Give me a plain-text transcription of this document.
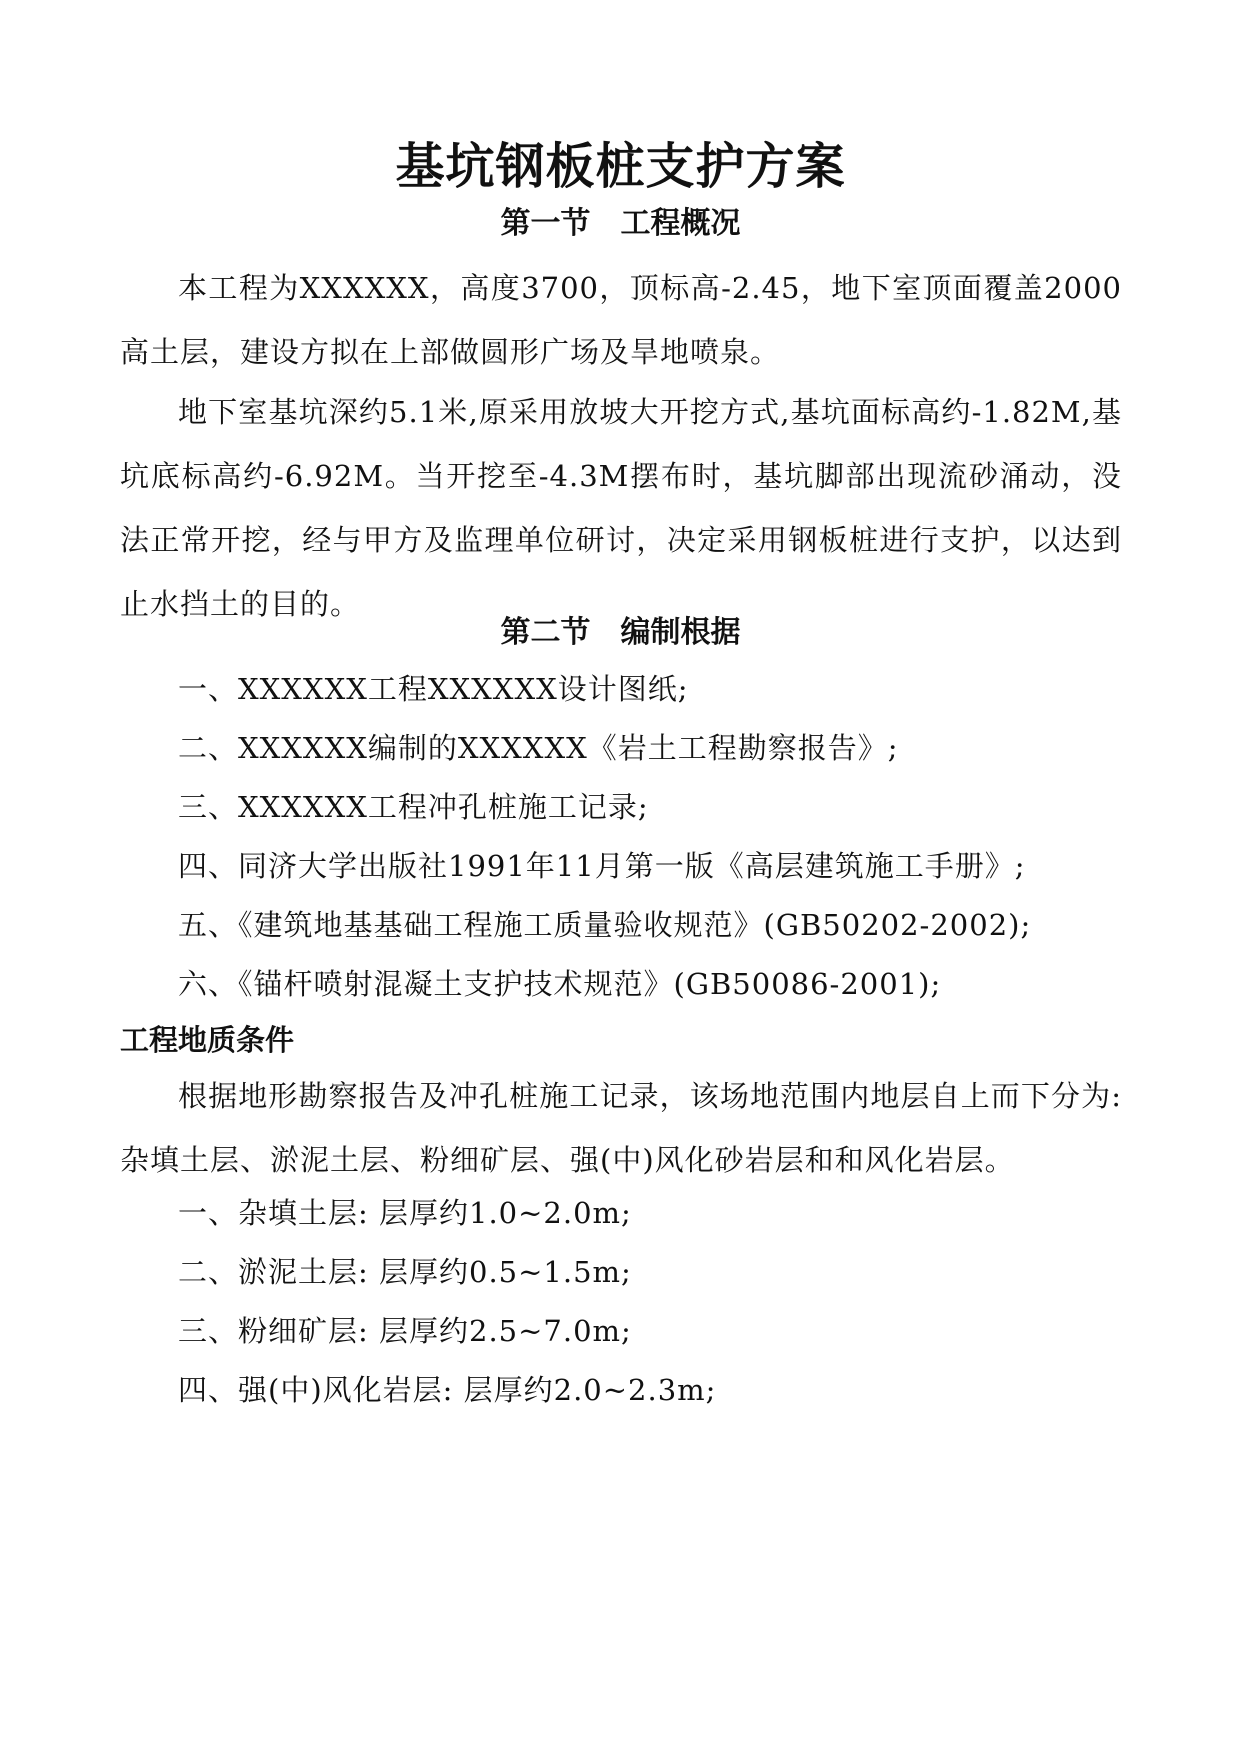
基坑钢板桩支护方案
第一节 工程概况
本工程为XXXXXX，高度3700，顶标高-2.45，地下室顶面覆盖2000高土层，建设方拟在上部做圆形广场及旱地喷泉。
地下室基坑深约5.1米,原采用放坡大开挖方式,基坑面标高约-1.82M,基坑底标高约-6.92M。当开挖至-4.3M摆布时，基坑脚部出现流砂涌动，没法正常开挖，经与甲方及监理单位研讨，决定采用钢板桩进行支护，以达到止水挡土的目的。
第二节 编制根据
一、XXXXXX工程XXXXXX设计图纸;
二、XXXXXX编制的XXXXXX《岩土工程勘察报告》;
三、XXXXXX工程冲孔桩施工记录;
四、同济大学出版社1991年11月第一版《高层建筑施工手册》;
五、《建筑地基基础工程施工质量验收规范》(GB50202-2002);
六、《锚杆喷射混凝土支护技术规范》(GB50086-2001);
工程地质条件
根据地形勘察报告及冲孔桩施工记录，该场地范围内地层自上而下分为: 杂填土层、淤泥土层、粉细矿层、强(中)风化砂岩层和和风化岩层。
一、杂填土层: 层厚约1.0~2.0m;
二、淤泥土层: 层厚约0.5~1.5m;
三、粉细矿层: 层厚约2.5~7.0m;
四、强(中)风化岩层: 层厚约2.0~2.3m;
